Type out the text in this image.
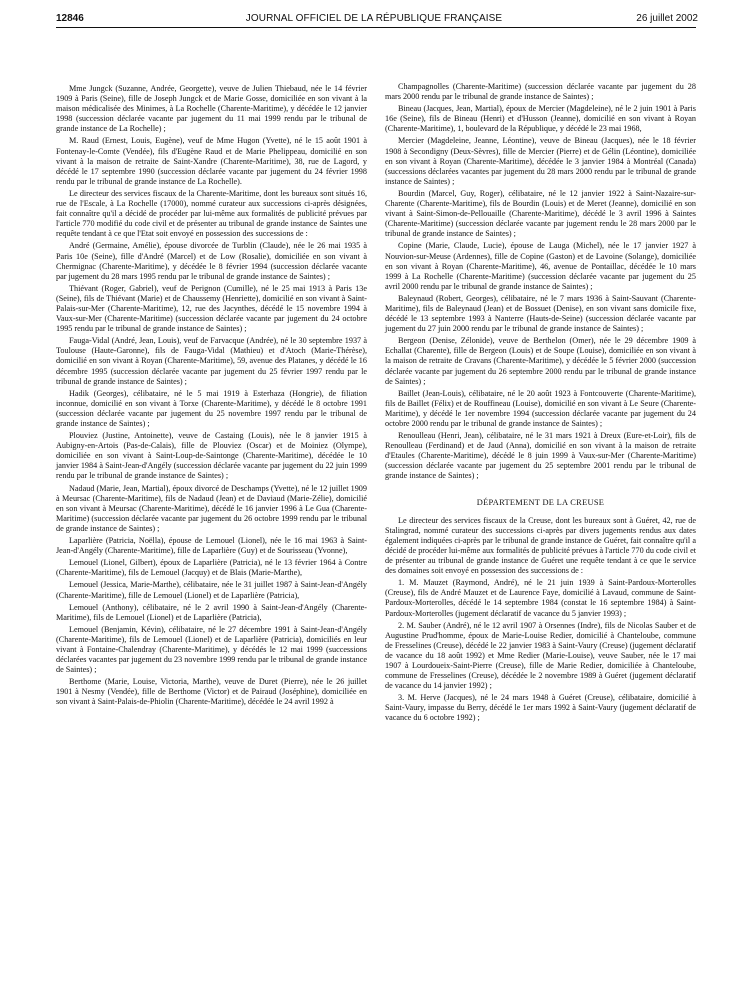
12846	JOURNAL OFFICIEL DE LA RÉPUBLIQUE FRANÇAISE	26 juillet 2002

Mme Jungck (Suzanne, Andrée, Georgette), veuve de Julien Thiebaud, née le 14 février 1909 à Paris (Seine), fille de Joseph Jungck et de Marie Gosse, domiciliée en son vivant à la maison médicalisée des Minimes, à La Rochelle (Charente-Maritime), y décédée le 12 janvier 1998 (succession déclarée vacante par jugement du 11 mai 1999 rendu par le tribunal de grande instance de La Rochelle) ;

M. Raud (Ernest, Louis, Eugène), veuf de Mme Hugon (Yvette), né le 15 août 1901 à Fontenay-le-Comte (Vendée), fils d'Eugène Raud et de Marie Phelippeau, domicilié en son vivant à la maison de retraite de Saint-Xandre (Charente-Maritime), 38, rue de Lagord, y décédé le 17 septembre 1990 (succession déclarée vacante par jugement du 24 février 1998 rendu par le tribunal de grande instance de La Rochelle).

Le directeur des services fiscaux de la Charente-Maritime, dont les bureaux sont situés 16, rue de l'Escale, à La Rochelle (17000), nommé curateur aux successions ci-après désignées, fait connaître qu'il a décidé de procéder par lui-même aux formalités de publicité prévues par l'article 770 modifié du code civil et de présenter au tribunal de grande instance de Saintes une requête tendant à ce que l'Etat soit envoyé en possession des successions de :

André (Germaine, Amélie), épouse divorcée de Turblin (Claude), née le 26 mai 1935 à Paris 10e (Seine), fille d'André (Marcel) et de Low (Rosalie), domiciliée en son vivant à Chermignac (Charente-Maritime), y décédée le 8 février 1994 (succession déclarée vacante par jugement du 28 mars 1995 rendu par le tribunal de grande instance de Saintes) ;

Thiévant (Roger, Gabriel), veuf de Perignon (Cumille), né le 25 mai 1913 à Paris 13e (Seine), fils de Thiévant (Marie) et de Chaussemy (Henriette), domicilié en son vivant à Saint-Palais-sur-Mer (Charente-Maritime), 12, rue des Jacynthes, décédé le 15 novembre 1994 à Vaux-sur-Mer (Charente-Maritime) (succession déclarée vacante par jugement du 24 octobre 1995 rendu par le tribunal de grande instance de Saintes) ;

Fauga-Vidal (André, Jean, Louis), veuf de Farvacque (Andrée), né le 30 septembre 1937 à Toulouse (Haute-Garonne), fils de Fauga-Vidal (Mathieu) et d'Atoch (Marie-Thérèse), domicilié en son vivant à Royan (Charente-Maritime), 59, avenue des Platanes, y décédé le 16 décembre 1995 (succession déclarée vacante par jugement du 25 février 1997 rendu par le tribunal de grande instance de Saintes) ;

Hadik (Georges), célibataire, né le 5 mai 1919 à Esterhaza (Hongrie), de filiation inconnue, domicilié en son vivant à Torxe (Charente-Maritime), y décédé le 8 octobre 1991 (succession déclarée vacante par jugement du 25 novembre 1997 rendu par le tribunal de grande instance de Saintes) ;

Plouviez (Justine, Antoinette), veuve de Castaing (Louis), née le 8 janvier 1915 à Aubigny-en-Artois (Pas-de-Calais), fille de Plouviez (Oscar) et de Moiniez (Olympe), domiciliée en son vivant à Saint-Loup-de-Saintonge (Charente-Maritime), décédée le 10 janvier 1984 à Saint-Jean-d'Angély (succession déclarée vacante par jugement du 22 juin 1999 rendu par le tribunal de grande instance de Saintes) ;

Nadaud (Marie, Jean, Martial), époux divorcé de Deschamps (Yvette), né le 12 juillet 1909 à Meursac (Charente-Maritime), fils de Nadaud (Jean) et de Daviaud (Marie-Zélie), domicilié en son vivant à Meursac (Charente-Maritime), décédé le 16 janvier 1996 à Le Gua (Charente-Maritime) (succession déclarée vacante par jugement du 26 octobre 1999 rendu par le tribunal de grande instance de Saintes) ;

Laparlière (Patricia, Noëlla), épouse de Lemouel (Lionel), née le 16 mai 1963 à Saint-Jean-d'Angély (Charente-Maritime), fille de Laparlière (Guy) et de Sourisseau (Yvonne),

Lemouel (Lionel, Gilbert), époux de Laparlière (Patricia), né le 13 février 1964 à Contre (Charente-Maritime), fils de Lemouel (Jacquy) et de Blais (Marie-Marthe),

Lemouel (Jessica, Marie-Marthe), célibataire, née le 31 juillet 1987 à Saint-Jean-d'Angély (Charente-Maritime), fille de Lemouel (Lionel) et de Laparlière (Patricia),

Lemouel (Anthony), célibataire, né le 2 avril 1990 à Saint-Jean-d'Angély (Charente-Maritime), fils de Lemouel (Lionel) et de Laparlière (Patricia),

Lemouel (Benjamin, Kévin), célibataire, né le 27 décembre 1991 à Saint-Jean-d'Angély (Charente-Maritime), fils de Lemouel (Lionel) et de Laparlière (Patricia), domiciliés en leur vivant à Fontaine-Chalendray (Charente-Maritime), y décédés le 12 mai 1999 (successions déclarées vacantes par jugement du 23 novembre 1999 rendu par le tribunal de grande instance de Saintes) ;

Berthome (Marie, Louise, Victoria, Marthe), veuve de Duret (Pierre), née le 26 juillet 1901 à Nesmy (Vendée), fille de Berthome (Victor) et de Pairaud (Joséphine), domiciliée en son vivant à Saint-Palais-de-Phiolin (Charente-Maritime), décédée le 24 avril 1992 à

Champagnolles (Charente-Maritime) (succession déclarée vacante par jugement du 28 mars 2000 rendu par le tribunal de grande instance de Saintes) ;

Bineau (Jacques, Jean, Martial), époux de Mercier (Magdeleine), né le 2 juin 1901 à Paris 16e (Seine), fils de Bineau (Henri) et d'Husson (Jeanne), domicilié en son vivant à Royan (Charente-Maritime), 1, boulevard de la République, y décédé le 23 mai 1968,

Mercier (Magdeleine, Jeanne, Léontine), veuve de Bineau (Jacques), née le 18 février 1908 à Secondigny (Deux-Sèvres), fille de Mercier (Pierre) et de Gélin (Léontine), domiciliée en son vivant à Royan (Charente-Maritime), décédée le 3 janvier 1984 à Montréal (Canada) (successions déclarées vacantes par jugement du 28 mars 2000 rendu par le tribunal de grande instance de Saintes) ;

Bourdin (Marcel, Guy, Roger), célibataire, né le 12 janvier 1922 à Saint-Nazaire-sur-Charente (Charente-Maritime), fils de Bourdin (Louis) et de Meret (Jeanne), domicilié en son vivant à Saint-Simon-de-Pellouaille (Charente-Maritime), décédé le 3 avril 1996 à Saintes (Charente-Maritime) (succession déclarée vacante par jugement rendu le 28 mars 2000 par le tribunal de grande instance de Saintes) ;

Copine (Marie, Claude, Lucie), épouse de Lauga (Michel), née le 17 janvier 1927 à Nouvion-sur-Meuse (Ardennes), fille de Copine (Gaston) et de Lavoine (Solange), domiciliée en son vivant à Royan (Charente-Maritime), 46, avenue de Pontaillac, décédée le 10 mars 1999 à La Rochelle (Charente-Maritime) (succession déclarée vacante par jugement du 25 avril 2000 rendu par le tribunal de grande instance de Saintes) ;

Baleynaud (Robert, Georges), célibataire, né le 7 mars 1936 à Saint-Sauvant (Charente-Maritime), fils de Baleynaud (Jean) et de Bossuet (Denise), en son vivant sans domicile fixe, décédé le 13 septembre 1993 à Nanterre (Hauts-de-Seine) (succession déclarée vacante par jugement du 27 juin 2000 rendu par le tribunal de grande instance de Saintes) ;

Bergeon (Denise, Zélonide), veuve de Berthelon (Omer), née le 29 décembre 1909 à Echallat (Charente), fille de Bergeon (Louis) et de Soupe (Louise), domiciliée en son vivant à la maison de retraite de Cravans (Charente-Maritime), y décédée le 5 février 2000 (succession déclarée vacante par jugement du 26 septembre 2000 rendu par le tribunal de grande instance de Saintes) ;

Baillet (Jean-Louis), célibataire, né le 20 août 1923 à Fontcouverte (Charente-Maritime), fils de Baillet (Félix) et de Rouffineau (Louise), domicilié en son vivant à Le Seure (Charente-Maritime), y décédé le 1er novembre 1994 (succession déclarée vacante par jugement du 24 octobre 2000 rendu par le tribunal de grande instance de Saintes) ;

Renoulleau (Henri, Jean), célibataire, né le 31 mars 1921 à Dreux (Eure-et-Loir), fils de Renoulleau (Ferdinand) et de Jaud (Anna), domicilié en son vivant à la maison de retraite d'Etaules (Charente-Maritime), décédé le 8 juin 1999 à Vaux-sur-Mer (Charente-Maritime) (succession déclarée vacante par jugement du 25 septembre 2001 rendu par le tribunal de grande instance de Saintes) ;

DÉPARTEMENT DE LA CREUSE

Le directeur des services fiscaux de la Creuse, dont les bureaux sont à Guéret, 42, rue de Stalingrad, nommé curateur des successions ci-après par divers jugements rendus aux dates également indiquées ci-après par le tribunal de grande instance de Guéret, fait connaître qu'il a décidé de procéder lui-même aux formalités de publicité prévues à l'article 770 du code civil et de présenter au tribunal de grande instance de Guéret une requête tendant à ce que le service des domaines soit envoyé en possession des successions de :

1. M. Mauzet (Raymond, André), né le 21 juin 1939 à Saint-Pardoux-Morterolles (Creuse), fils de André Mauzet et de Laurence Faye, domicilié à Lavaud, commune de Saint-Pardoux-Morterolles, décédé le 14 septembre 1984 (constat le 16 septembre 1984) à Saint-Pardoux-Morterolles (jugement déclaratif de vacance du 5 janvier 1993) ;

2. M. Sauber (André), né le 12 avril 1907 à Orsennes (Indre), fils de Nicolas Sauber et de Augustine Prud'homme, époux de Marie-Louise Redier, domicilié à Chanteloube, commune de Fresselines (Creuse), décédé le 22 janvier 1983 à Saint-Vaury (Creuse) (jugement déclaratif de vacance du 18 août 1992) et Mme Redier (Marie-Louise), veuve Sauber, née le 17 mai 1907 à Lourdoueix-Saint-Pierre (Creuse), fille de Marie Redier, domiciliée à Chanteloube, commune de Fresselines (Creuse), décédée le 2 novembre 1989 à Guéret (jugement déclaratif de vacance du 14 janvier 1992) ;

3. M. Herve (Jacques), né le 24 mars 1948 à Guéret (Creuse), célibataire, domicilié à Saint-Vaury, impasse du Berry, décédé le 1er mars 1992 à Saint-Vaury (jugement déclaratif de vacance du 6 octobre 1992) ;
